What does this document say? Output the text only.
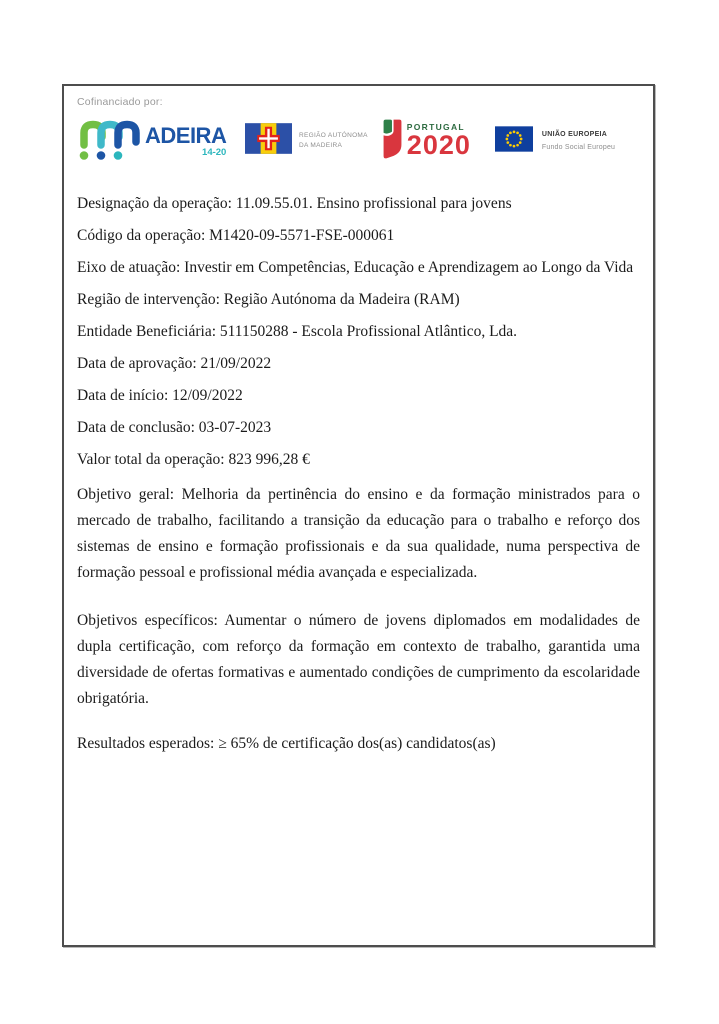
Cofinanciado por:
ADEIRA
14-20
REGIÃO AUTÓNOMA
DA MADEIRA
PORTUGAL
2020	UNIÃO EUROPEIA
Fundo Social Europeu

Designação da operação: 11.09.55.01. Ensino profissional para jovens

Código da operação: M1420-09-5571-FSE-000061

Eixo de atuação: Investir em Competências, Educação e Aprendizagem ao Longo da Vida

Região de intervenção: Região Autónoma da Madeira (RAM)

Entidade Beneficiária: 511150288 - Escola Profissional Atlântico, Lda.

Data de aprovação: 21/09/2022

Data de início: 12/09/2022

Data de conclusão: 03-07-2023

Valor total da operação: 823 996,28 €

Objetivo geral: Melhoria da pertinência do ensino e da formação ministrados para o mercado de trabalho, facilitando a transição da educação para o trabalho e reforço dos sistemas de ensino e formação profissionais e da sua qualidade, numa perspectiva de formação pessoal e profissional média avançada e especializada.

Objetivos específicos: Aumentar o número de jovens diplomados em modalidades de dupla certificação, com reforço da formação em contexto de trabalho, garantida uma diversidade de ofertas formativas e aumentado condições de cumprimento da escolaridade obrigatória.

Resultados esperados: ≥ 65% de certificação dos(as) candidatos(as)
